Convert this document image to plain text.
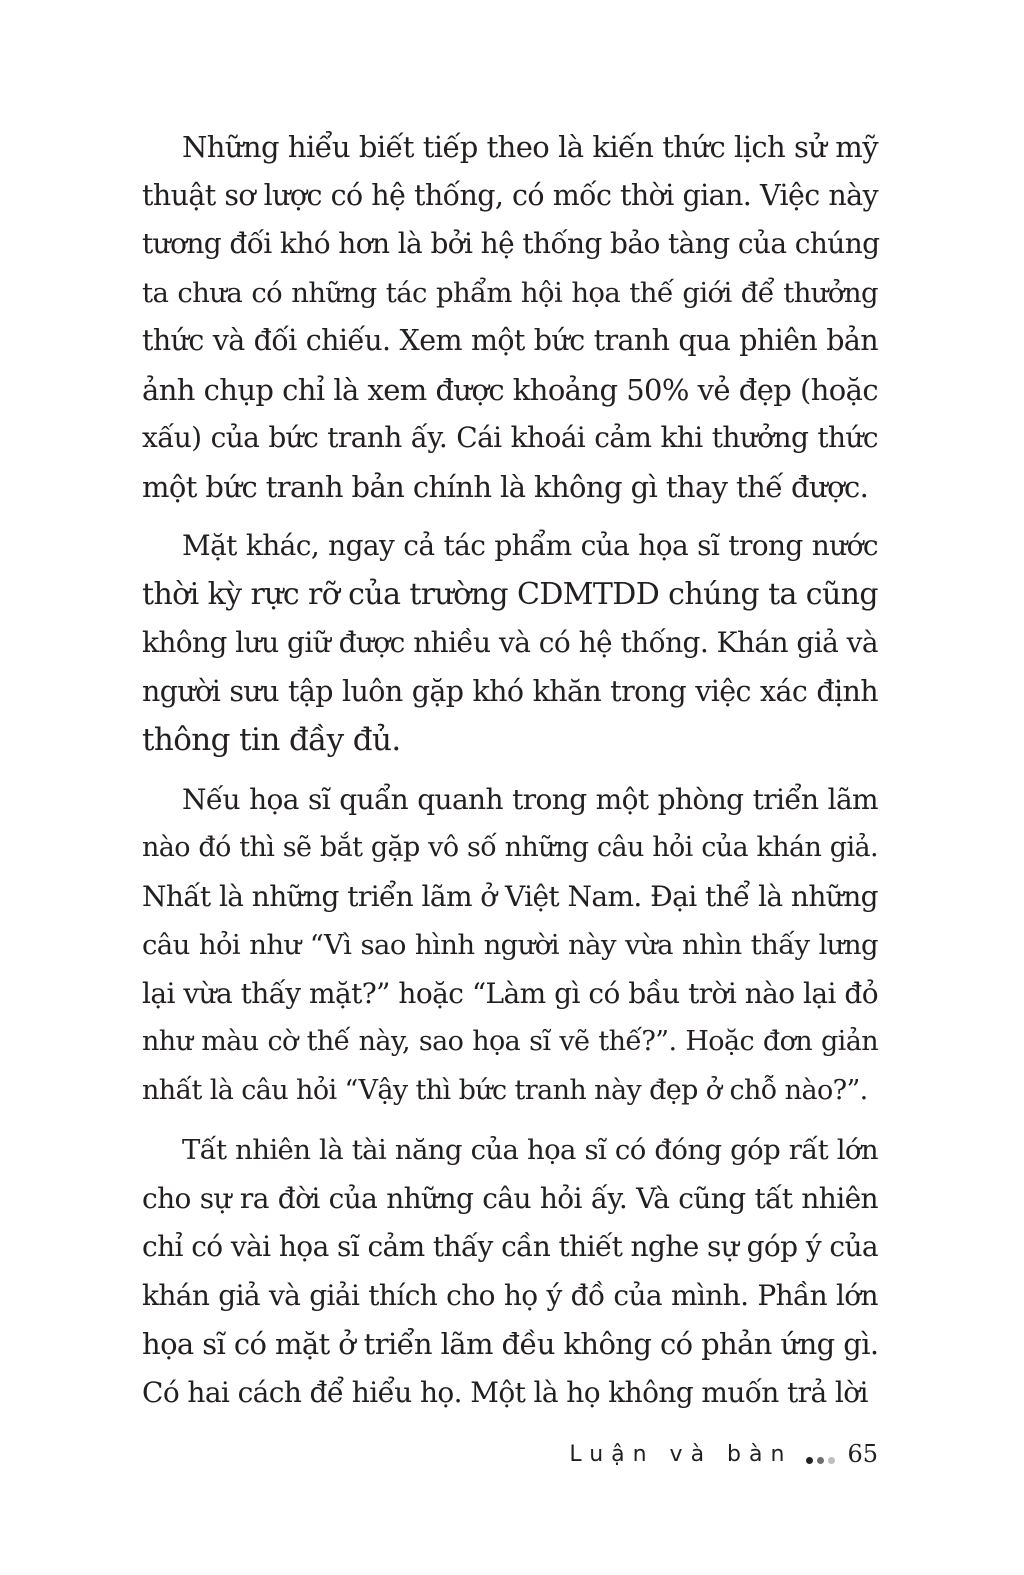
Những hiểu biết tiếp theo là kiến thức lịch sử mỹ
thuật sơ lược có hệ thống, có mốc thời gian. Việc này
tương đối khó hơn là bởi hệ thống bảo tàng của chúng
ta chưa có những tác phẩm hội họa thế giới để thưởng
thức và đối chiếu. Xem một bức tranh qua phiên bản
ảnh chụp chỉ là xem được khoảng 50% vẻ đẹp (hoặc
xấu) của bức tranh ấy. Cái khoái cảm khi thưởng thức
một bức tranh bản chính là không gì thay thế được.
Mặt khác, ngay cả tác phẩm của họa sĩ trong nước
thời kỳ rực rỡ của trường CDMTDD chúng ta cũng
không lưu giữ được nhiều và có hệ thống. Khán giả và
người sưu tập luôn gặp khó khăn trong việc xác định
thông tin đầy đủ.
Nếu họa sĩ quẩn quanh trong một phòng triển lãm
nào đó thì sẽ bắt gặp vô số những câu hỏi của khán giả.
Nhất là những triển lãm ở Việt Nam. Đại thể là những
câu hỏi như “Vì sao hình người này vừa nhìn thấy lưng
lại vừa thấy mặt?” hoặc “Làm gì có bầu trời nào lại đỏ
như màu cờ thế này, sao họa sĩ vẽ thế?”. Hoặc đơn giản
nhất là câu hỏi “Vậy thì bức tranh này đẹp ở chỗ nào?”.
Tất nhiên là tài năng của họa sĩ có đóng góp rất lớn
cho sự ra đời của những câu hỏi ấy. Và cũng tất nhiên
chỉ có vài họa sĩ cảm thấy cần thiết nghe sự góp ý của
khán giả và giải thích cho họ ý đồ của mình. Phần lớn
họa sĩ có mặt ở triển lãm đều không có phản ứng gì.
Có hai cách để hiểu họ. Một là họ không muốn trả lời
Luận và bàn 65
